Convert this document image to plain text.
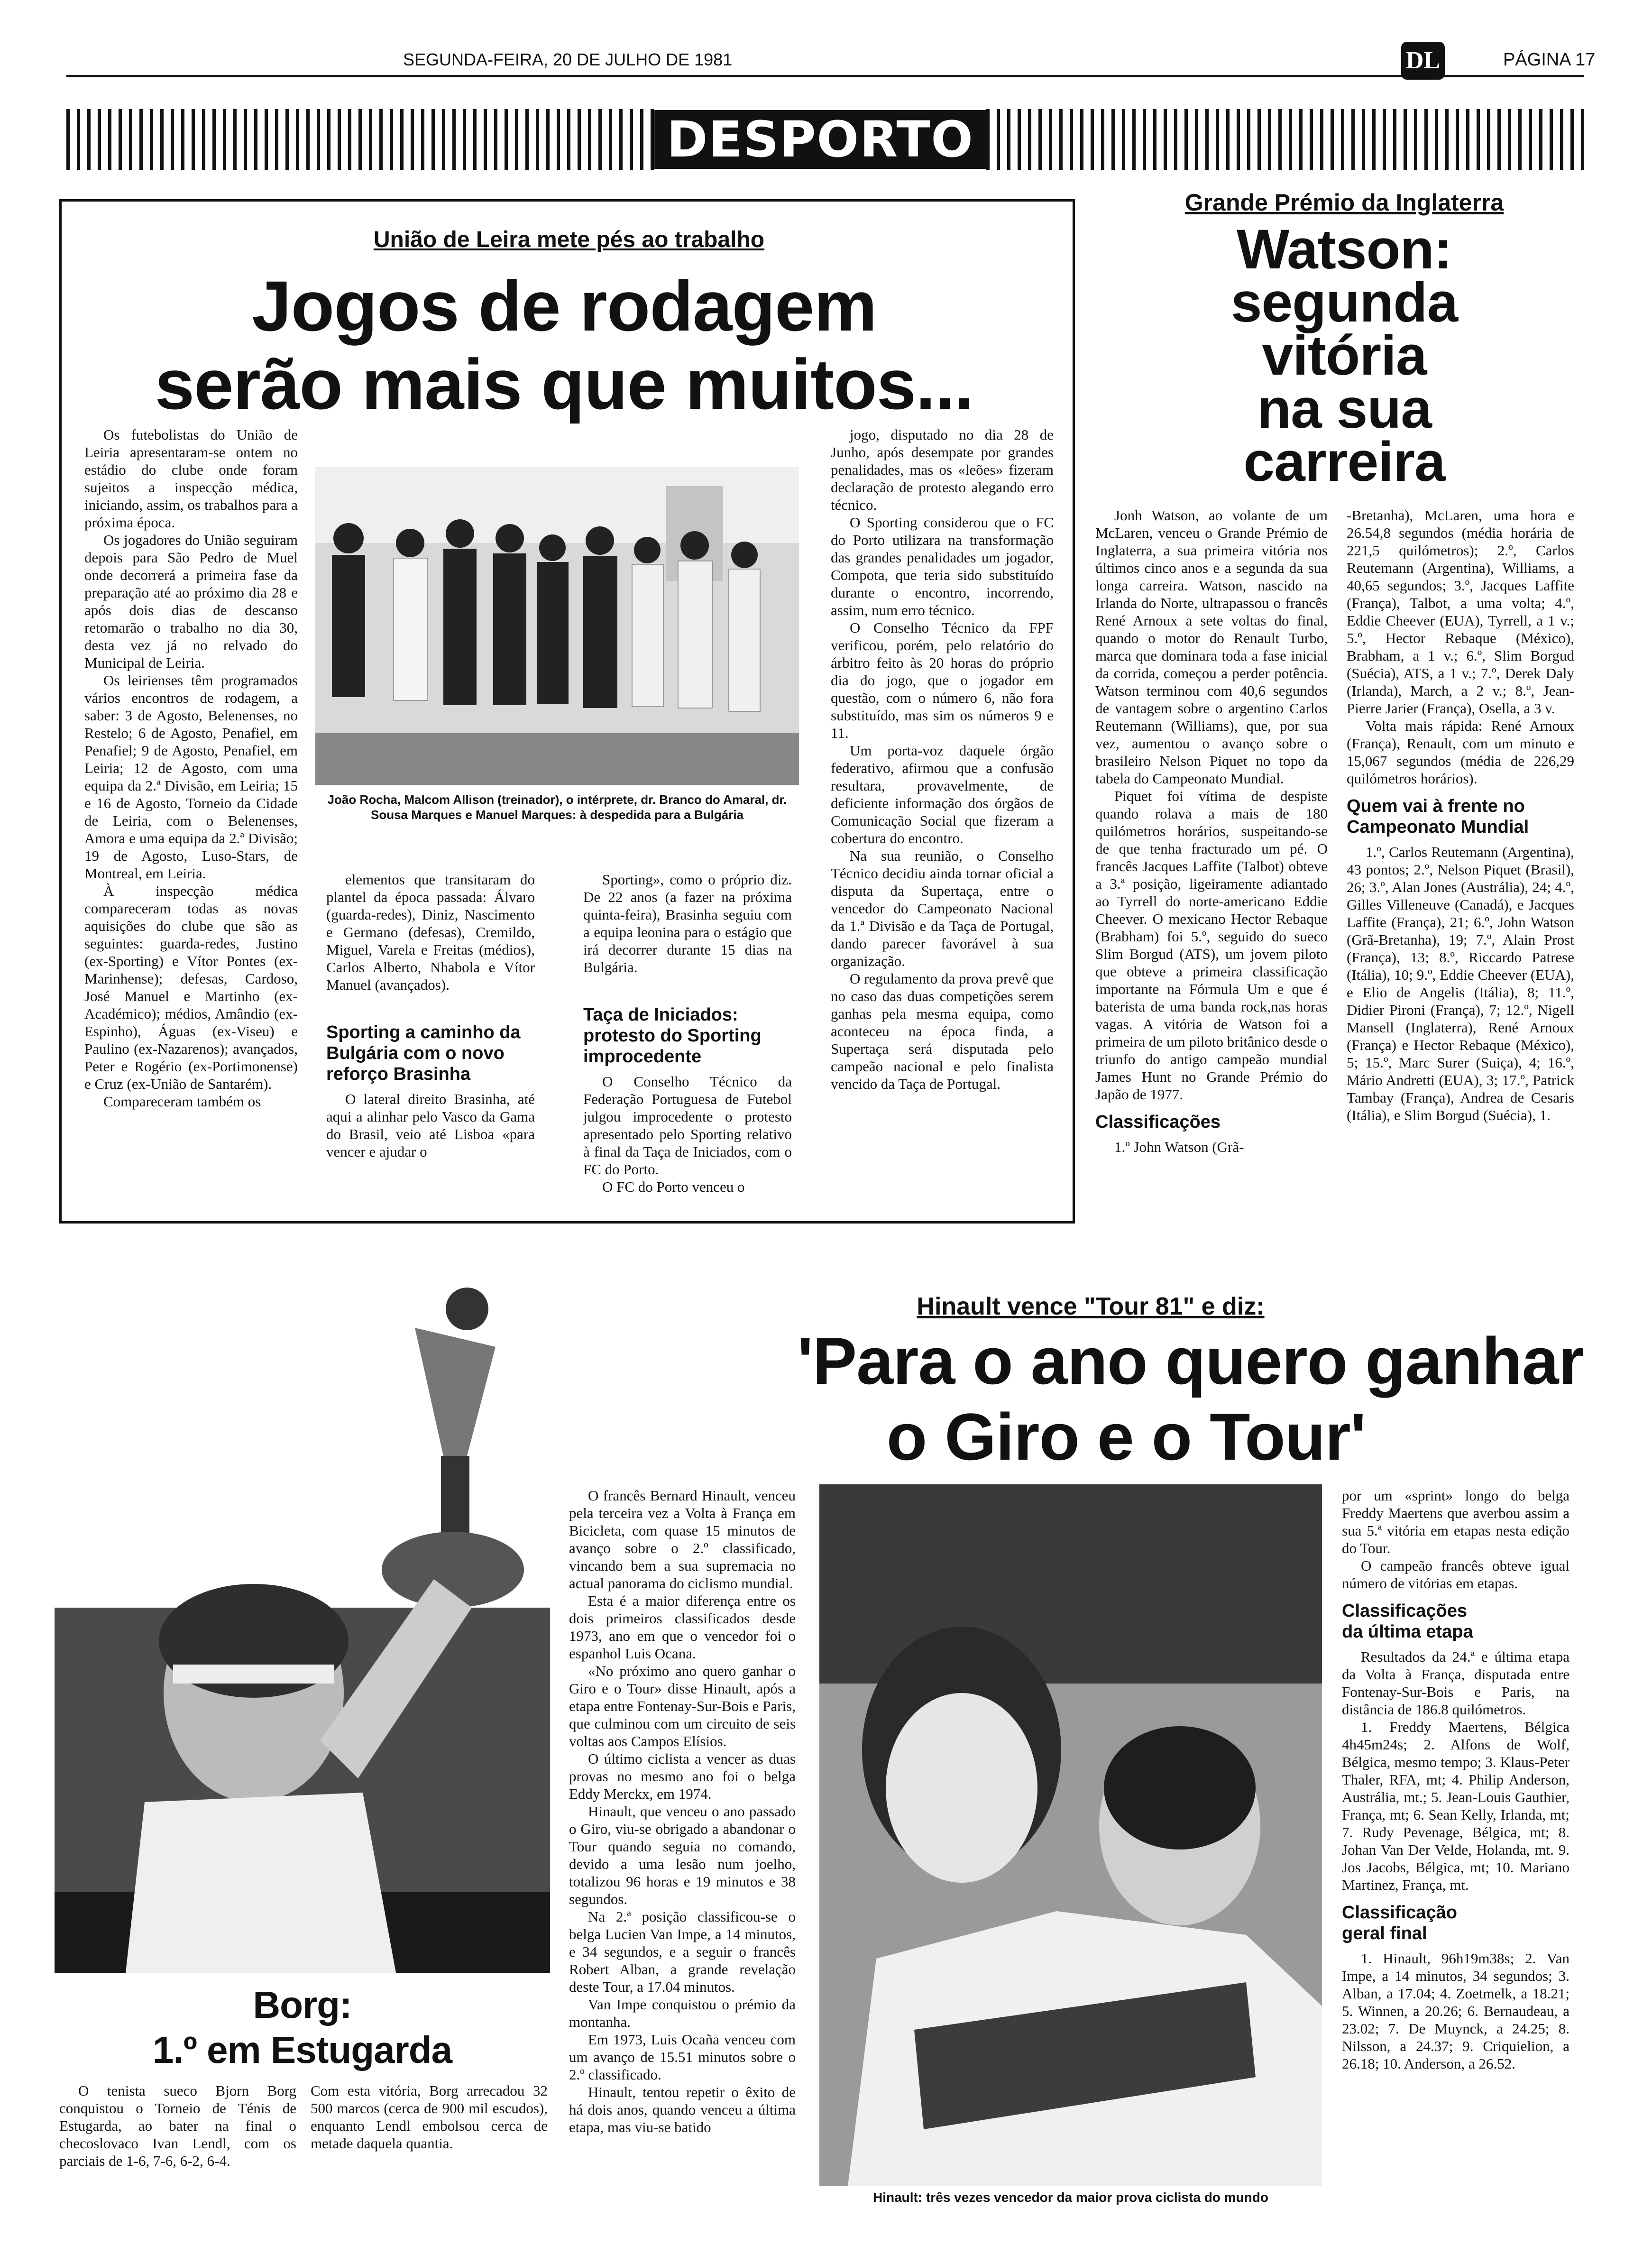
SEGUNDA-FEIRA, 20 DE JULHO DE 1981	DL	PÁGINA 17
DESPORTO
União de Leira mete pés ao trabalho
Jogos de rodagem
serão mais que muitos...

Os futebolistas do União de Leiria apresentaram-se ontem no estádio do clube onde foram sujeitos a inspecção médica, iniciando, assim, os trabalhos para a próxima época.

Os jogadores do União seguiram depois para São Pedro de Muel onde decorrerá a primeira fase da preparação até ao próximo dia 28 e após dois dias de descanso retomarão o trabalho no dia 30, desta vez já no relvado do Municipal de Leiria.

Os leirienses têm programados vários encontros de rodagem, a saber: 3 de Agosto, Belenenses, no Restelo; 6 de Agosto, Penafiel, em Penafiel; 9 de Agosto, Penafiel, em Leiria; 12 de Agosto, com uma equipa da 2.ª Divisão, em Leiria; 15 e 16 de Agosto, Torneio da Cidade de Leiria, com o Belenenses, Amora e uma equipa da 2.ª Divisão; 19 de Agosto, Luso-Stars, de Montreal, em Leiria.

À inspecção médica compareceram todas as novas aquisições do clube que são as seguintes: guarda-redes, Justino (ex-Sporting) e Vítor Pontes (ex-Marinhense); defesas, Cardoso, José Manuel e Martinho (ex-Académico); médios, Amândio (ex-Espinho), Águas (ex-Viseu) e Paulino (ex-Nazarenos); avançados, Peter e Rogério (ex-Portimonense) e Cruz (ex-União de Santarém).

Compareceram também os

João Rocha, Malcom Allison (treinador), o intérprete, dr. Branco do Amaral, dr. Sousa Marques e Manuel Marques: à despedida para a Bulgária

elementos que transitaram do plantel da época passada: Álvaro (guarda-redes), Diniz, Nascimento e Germano (defesas), Cremildo, Miguel, Varela e Freitas (médios), Carlos Alberto, Nhabola e Vítor Manuel (avançados).

Sporting a caminho da Bulgária com o novo reforço Brasinha

O lateral direito Brasinha, até aqui a alinhar pelo Vasco da Gama do Brasil, veio até Lisboa «para vencer e ajudar o

Sporting», como o próprio diz. De 22 anos (a fazer na próxima quinta-feira), Brasinha seguiu com a equipa leonina para o estágio que irá decorrer durante 15 dias na Bulgária.

Taça de Iniciados: protesto do Sporting improcedente

O Conselho Técnico da Federação Portuguesa de Futebol julgou improcedente o protesto apresentado pelo Sporting relativo à final da Taça de Iniciados, com o FC do Porto.

O FC do Porto venceu o

jogo, disputado no dia 28 de Junho, após desempate por grandes penalidades, mas os «leões» fizeram declaração de protesto alegando erro técnico.

O Sporting considerou que o FC do Porto utilizara na transformação das grandes penalidades um jogador, Compota, que teria sido substituído durante o encontro, incorrendo, assim, num erro técnico.

O Conselho Técnico da FPF verificou, porém, pelo relatório do árbitro feito às 20 horas do próprio dia do jogo, que o jogador em questão, com o número 6, não fora substituído, mas sim os números 9 e 11.

Um porta-voz daquele órgão federativo, afirmou que a confusão resultara, provavelmente, de deficiente informação dos órgãos de Comunicação Social que fizeram a cobertura do encontro.

Na sua reunião, o Conselho Técnico decidiu ainda tornar oficial a disputa da Supertaça, entre o vencedor do Campeonato Nacional da 1.ª Divisão e da Taça de Portugal, dando parecer favorável à sua organização.

O regulamento da prova prevê que no caso das duas competições serem ganhas pela mesma equipa, como aconteceu na época finda, a Supertaça será disputada pelo campeão nacional e pelo finalista vencido da Taça de Portugal.

Grande Prémio da Inglaterra
Watson:
segunda
vitória
na sua
carreira

Jonh Watson, ao volante de um McLaren, venceu o Grande Prémio de Inglaterra, a sua primeira vitória nos últimos cinco anos e a segunda da sua longa carreira. Watson, nascido na Irlanda do Norte, ultrapassou o francês René Arnoux a sete voltas do final, quando o motor do Renault Turbo, marca que dominara toda a fase inicial da corrida, começou a perder potência. Watson terminou com 40,6 segundos de vantagem sobre o argentino Carlos Reutemann (Williams), que, por sua vez, aumentou o avanço sobre o brasileiro Nelson Piquet no topo da tabela do Campeonato Mundial.

Piquet foi vítima de despiste quando rolava a mais de 180 quilómetros horários, suspeitando-se de que tenha fracturado um pé. O francês Jacques Laffite (Talbot) obteve a 3.ª posição, ligeiramente adiantado ao Tyrrell do norte-americano Eddie Cheever. O mexicano Hector Rebaque (Brabham) foi 5.º, seguido do sueco Slim Borgud (ATS), um jovem piloto que obteve a primeira classificação importante na Fórmula Um e que é baterista de uma banda rock,nas horas vagas. A vitória de Watson foi a primeira de um piloto britânico desde o triunfo do antigo campeão mundial James Hunt no Grande Prémio do Japão de 1977.

Classificações

1.º John Watson (Grã-

-Bretanha), McLaren, uma hora e 26.54,8 segundos (média horária de 221,5 quilómetros); 2.º, Carlos Reutemann (Argentina), Williams, a 40,65 segundos; 3.º, Jacques Laffite (França), Talbot, a uma volta; 4.º, Eddie Cheever (EUA), Tyrrell, a 1 v.; 5.º, Hector Rebaque (México), Brabham, a 1 v.; 6.º, Slim Borgud (Suécia), ATS, a 1 v.; 7.º, Derek Daly (Irlanda), March, a 2 v.; 8.º, Jean-Pierre Jarier (França), Osella, a 3 v.

Volta mais rápida: René Arnoux (França), Renault, com um minuto e 15,067 segundos (média de 226,29 quilómetros horários).

Quem vai à frente no Campeonato Mundial

1.º, Carlos Reutemann (Argentina), 43 pontos; 2.º, Nelson Piquet (Brasil), 26; 3.º, Alan Jones (Austrália), 24; 4.º, Gilles Villeneuve (Canadá), e Jacques Laffite (França), 21; 6.º, John Watson (Grã-Bretanha), 19; 7.º, Alain Prost (França), 13; 8.º, Riccardo Patrese (Itália), 10; 9.º, Eddie Cheever (EUA), e Elio de Angelis (Itália), 8; 11.º, Didier Pironi (França), 7; 12.º, Nigell Mansell (Inglaterra), René Arnoux (França) e Hector Rebaque (México), 5; 15.º, Marc Surer (Suiça), 4; 16.º, Mário Andretti (EUA), 3; 17.º, Patrick Tambay (França), Andrea de Cesaris (Itália), e Slim Borgud (Suécia), 1.

Hinault vence "Tour 81" e diz:
'Para o ano quero ganhar
o Giro e o Tour'

O francês Bernard Hinault, venceu pela terceira vez a Volta à França em Bicicleta, com quase 15 minutos de avanço sobre o 2.º classificado, vincando bem a sua supremacia no actual panorama do ciclismo mundial.

Esta é a maior diferença entre os dois primeiros classificados desde 1973, ano em que o vencedor foi o espanhol Luis Ocana.

«No próximo ano quero ganhar o Giro e o Tour» disse Hinault, após a etapa entre Fontenay-Sur-Bois e Paris, que culminou com um circuito de seis voltas aos Campos Elísios.

O último ciclista a vencer as duas provas no mesmo ano foi o belga Eddy Merckx, em 1974.

Hinault, que venceu o ano passado o Giro, viu-se obrigado a abandonar o Tour quando seguia no comando, devido a uma lesão num joelho, totalizou 96 horas e 19 minutos e 38 segundos.

Na 2.ª posição classificou-se o belga Lucien Van Impe, a 14 minutos, e 34 segundos, e a seguir o francês Robert Alban, a grande revelação deste Tour, a 17.04 minutos.

Van Impe conquistou o prémio da montanha.

Em 1973, Luis Ocaña venceu com um avanço de 15.51 minutos sobre o 2.º classificado.

Hinault, tentou repetir o êxito de há dois anos, quando venceu a última etapa, mas viu-se batido

Hinault: três vezes vencedor da maior prova ciclista do mundo

por um «sprint» longo do belga Freddy Maertens que averbou assim a sua 5.ª vitória em etapas nesta edição do Tour.

O campeão francês obteve igual número de vitórias em etapas.

Classificações da última etapa

Resultados da 24.ª e última etapa da Volta à França, disputada entre Fontenay-Sur-Bois e Paris, na distância de 186.8 quilómetros.

1. Freddy Maertens, Bélgica 4h45m24s; 2. Alfons de Wolf, Bélgica, mesmo tempo; 3. Klaus-Peter Thaler, RFA, mt; 4. Philip Anderson, Austrália, mt.; 5. Jean-Louis Gauthier, França, mt; 6. Sean Kelly, Irlanda, mt; 7. Rudy Pevenage, Bélgica, mt; 8. Johan Van Der Velde, Holanda, mt. 9. Jos Jacobs, Bélgica, mt; 10. Mariano Martinez, França, mt.

Classificação geral final

1. Hinault, 96h19m38s; 2. Van Impe, a 14 minutos, 34 segundos; 3. Alban, a 17.04; 4. Zoetmelk, a 18.21; 5. Winnen, a 20.26; 6. Bernaudeau, a 23.02; 7. De Muynck, a 24.25; 8. Nilsson, a 24.37; 9. Criquielion, a 26.18; 10. Anderson, a 26.52.

Borg:
1.º em Estugarda

O tenista sueco Bjorn Borg conquistou o Torneio de Ténis de Estugarda, ao bater na final o checoslovaco Ivan Lendl, com os parciais de 1-6, 7-6, 6-2, 6-4.

Com esta vitória, Borg arrecadou 32 500 marcos (cerca de 900 mil escudos), enquanto Lendl embolsou cerca de metade daquela quantia.
